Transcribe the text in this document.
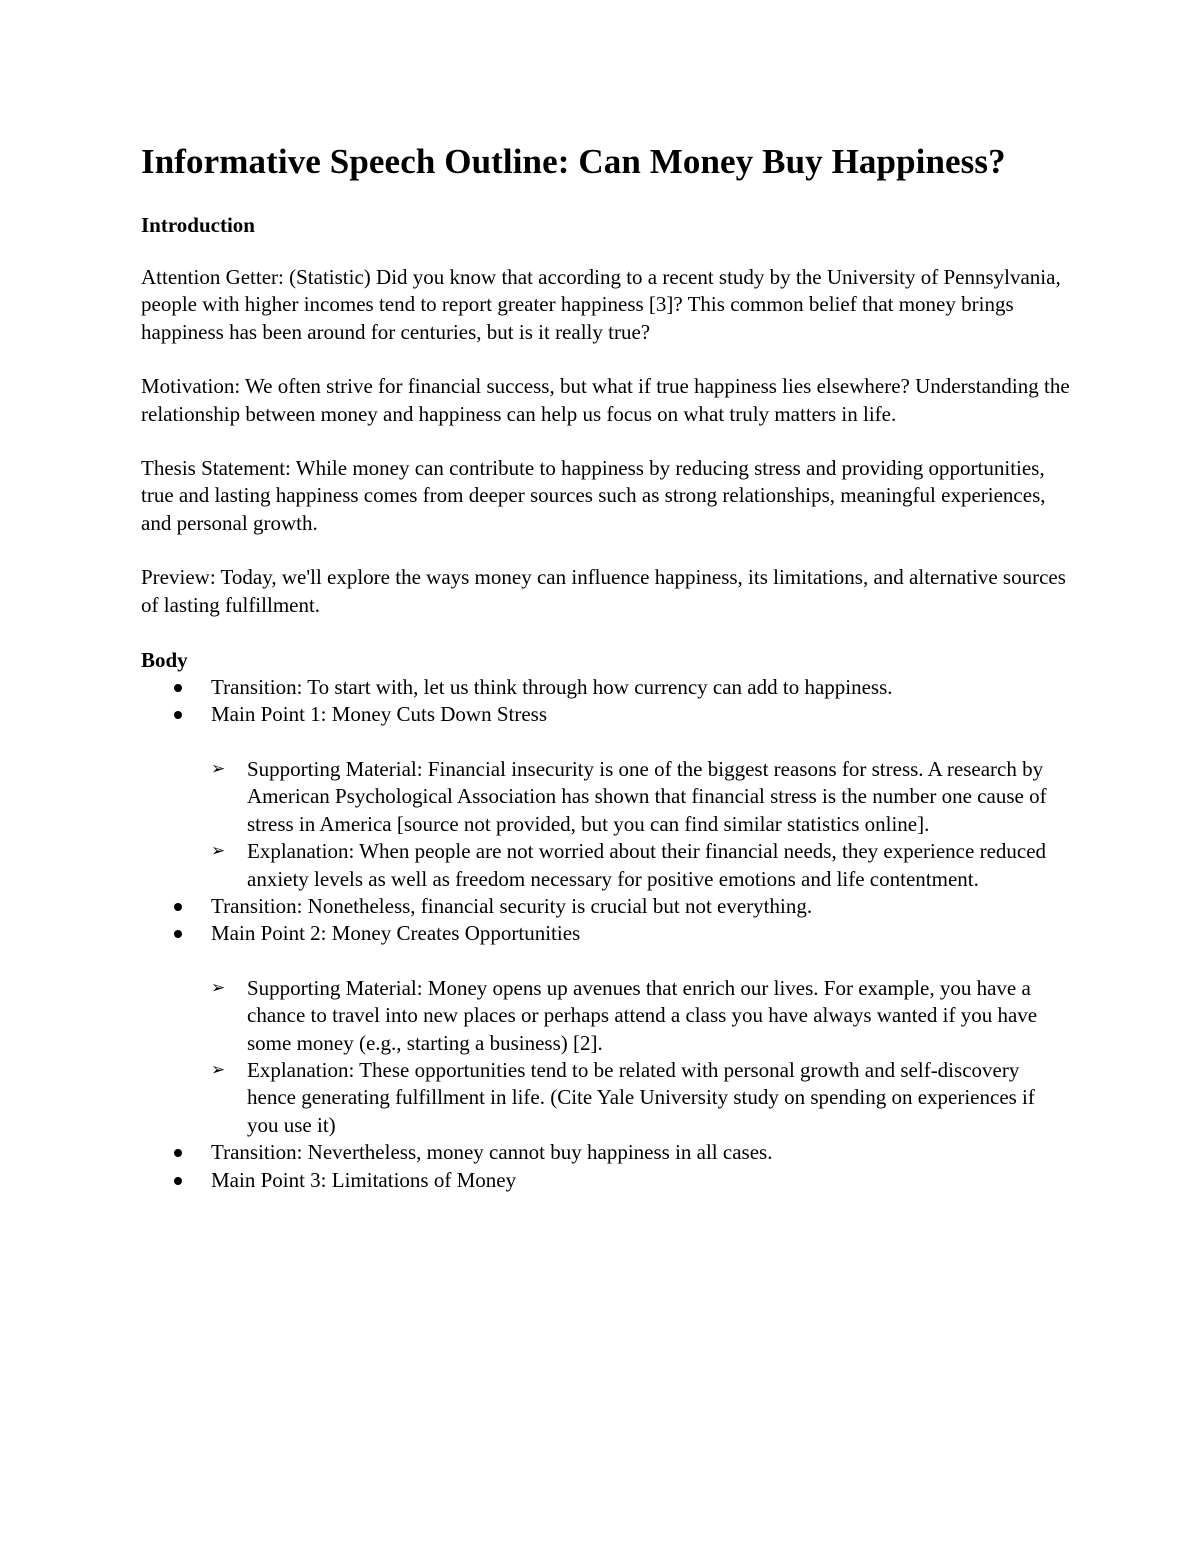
Informative Speech Outline: Can Money Buy Happiness?
Introduction

Attention Getter: (Statistic) Did you know that according to a recent study by the University of Pennsylvania, people with higher incomes tend to report greater happiness [3]? This common belief that money brings happiness has been around for centuries, but is it really true?

Motivation: We often strive for financial success, but what if true happiness lies elsewhere? Understanding the relationship between money and happiness can help us focus on what truly matters in life.

Thesis Statement: While money can contribute to happiness by reducing stress and providing opportunities, true and lasting happiness comes from deeper sources such as strong relationships, meaningful experiences, and personal growth.

Preview: Today, we'll explore the ways money can influence happiness, its limitations, and alternative sources of lasting fulfillment.

Body
Transition: To start with, let us think through how currency can add to happiness.
Main Point 1: Money Cuts Down Stress
➢ Supporting Material: Financial insecurity is one of the biggest reasons for stress. A research by American Psychological Association has shown that financial stress is the number one cause of stress in America [source not provided, but you can find similar statistics online].
➢ Explanation: When people are not worried about their financial needs, they experience reduced anxiety levels as well as freedom necessary for positive emotions and life contentment.
Transition: Nonetheless, financial security is crucial but not everything.
Main Point 2: Money Creates Opportunities
➢ Supporting Material: Money opens up avenues that enrich our lives. For example, you have a chance to travel into new places or perhaps attend a class you have always wanted if you have some money (e.g., starting a business) [2].
➢ Explanation: These opportunities tend to be related with personal growth and self-discovery hence generating fulfillment in life. (Cite Yale University study on spending on experiences if you use it)
Transition: Nevertheless, money cannot buy happiness in all cases.
Main Point 3: Limitations of Money
